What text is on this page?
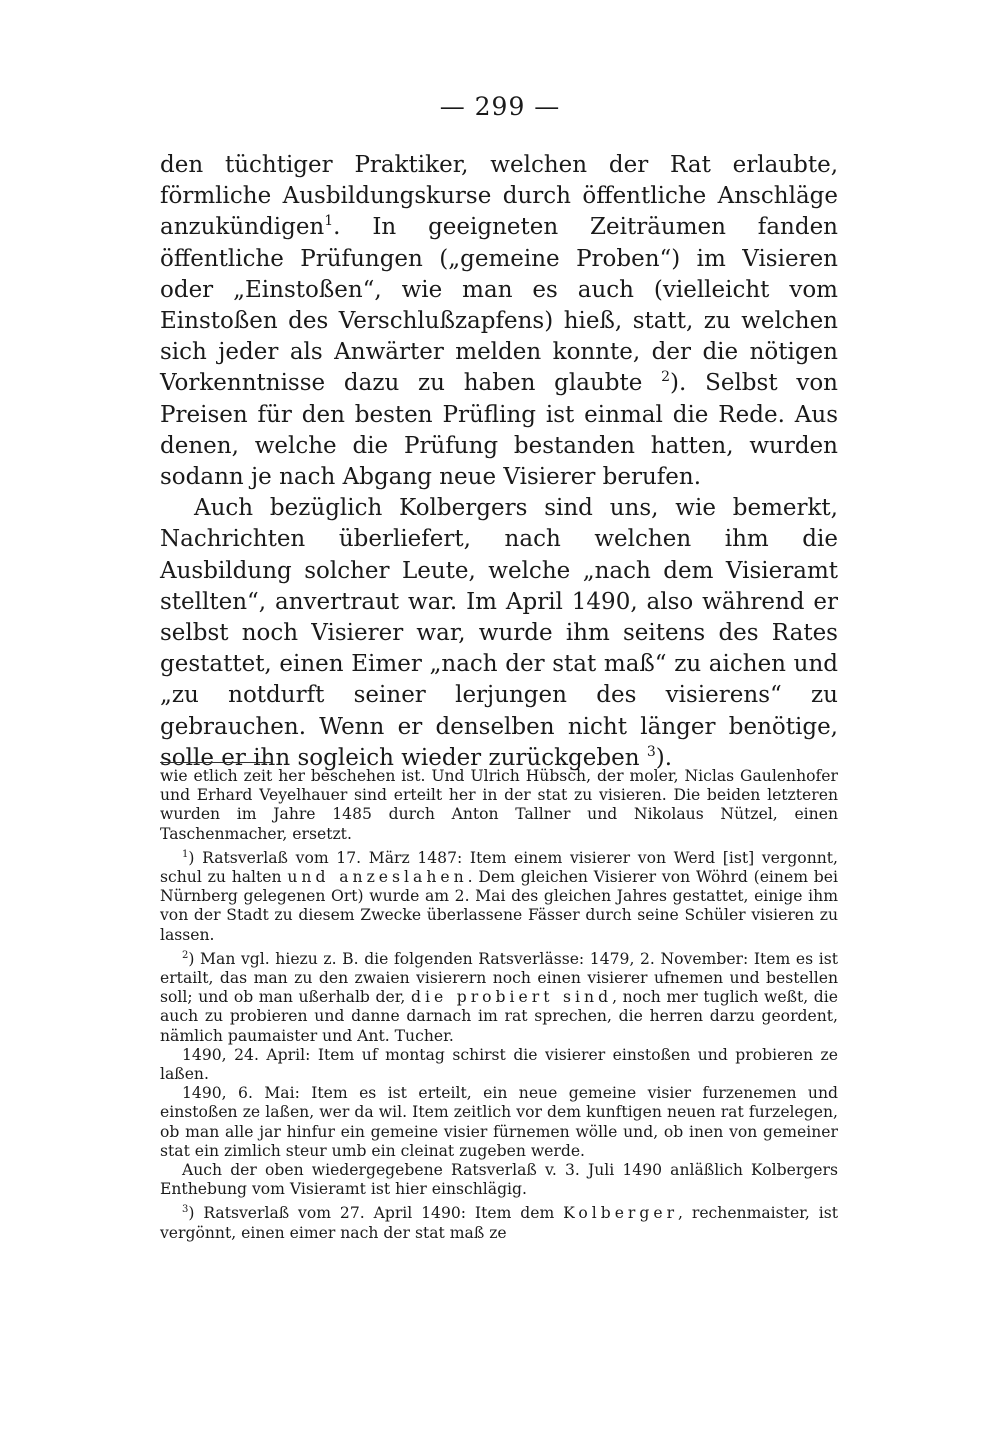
— 299 —

den tüchtiger Praktiker, welchen der Rat erlaubte, förmliche Ausbildungskurse durch öffentliche Anschläge anzukündigen$^1$. In geeigneten Zeiträumen fanden öffentliche Prüfungen („gemeine Proben“) im Visieren oder „Einstoßen“, wie man es auch (vielleicht vom Einstoßen des Verschlußzapfens) hieß, statt, zu welchen sich jeder als Anwärter melden konnte, der die nötigen Vorkenntnisse dazu zu haben glaubte $^2$). Selbst von Preisen für den besten Prüfling ist einmal die Rede. Aus denen, welche die Prüfung bestanden hatten, wurden sodann je nach Abgang neue Visierer berufen.

Auch bezüglich Kolbergers sind uns, wie bemerkt, Nachrichten überliefert, nach welchen ihm die Ausbildung solcher Leute, welche „nach dem Visieramt stellten“, anvertraut war. Im April 1490, also während er selbst noch Visierer war, wurde ihm seitens des Rates gestattet, einen Eimer „nach der stat maß“ zu aichen und „zu notdurft seiner lerjungen des visierens“ zu gebrauchen. Wenn er denselben nicht länger benötige, solle er ihn sogleich wieder zurückgeben $^3$).

wie etlich zeit her beschehen ist. Und Ulrich Hübsch, der moler, Niclas Gaulenhofer und Erhard Veyelhauer sind erteilt her in der stat zu visieren. Die beiden letzteren wurden im Jahre 1485 durch Anton Tallner und Nikolaus Nützel, einen Taschenmacher, ersetzt.

$^1$) Ratsverlaß vom 17. März 1487: Item einem visierer von Werd [ist] vergonnt, schul zu halten und anzeslahen. Dem gleichen Visierer von Wöhrd (einem bei Nürnberg gelegenen Ort) wurde am 2. Mai des gleichen Jahres gestattet, einige ihm von der Stadt zu diesem Zwecke überlassene Fässer durch seine Schüler visieren zu lassen.

$^2$) Man vgl. hiezu z. B. die folgenden Ratsverlässe: 1479, 2. November: Item es ist ertailt, das man zu den zwaien visierern noch einen visierer ufnemen und bestellen soll; und ob man ußerhalb der, die probiert sind, noch mer tuglich weßt, die auch zu probieren und danne darnach im rat sprechen, die herren darzu geordent, nämlich paumaister und Ant. Tucher.

1490, 24. April: Item uf montag schirst die visierer einstoßen und probieren ze laßen.

1490, 6. Mai: Item es ist erteilt, ein neue gemeine visier furzenemen und einstoßen ze laßen, wer da wil. Item zeitlich vor dem kunftigen neuen rat furzelegen, ob man alle jar hinfur ein gemeine visier fürnemen wölle und, ob inen von gemeiner stat ein zimlich steur umb ein cleinat zugeben werde.

Auch der oben wiedergegebene Ratsverlaß v. 3. Juli 1490 anläßlich Kolbergers Enthebung vom Visieramt ist hier einschlägig.

$^3$) Ratsverlaß vom 27. April 1490: Item dem Kolberger, rechenmaister, ist vergönnt, einen eimer nach der stat maß ze
